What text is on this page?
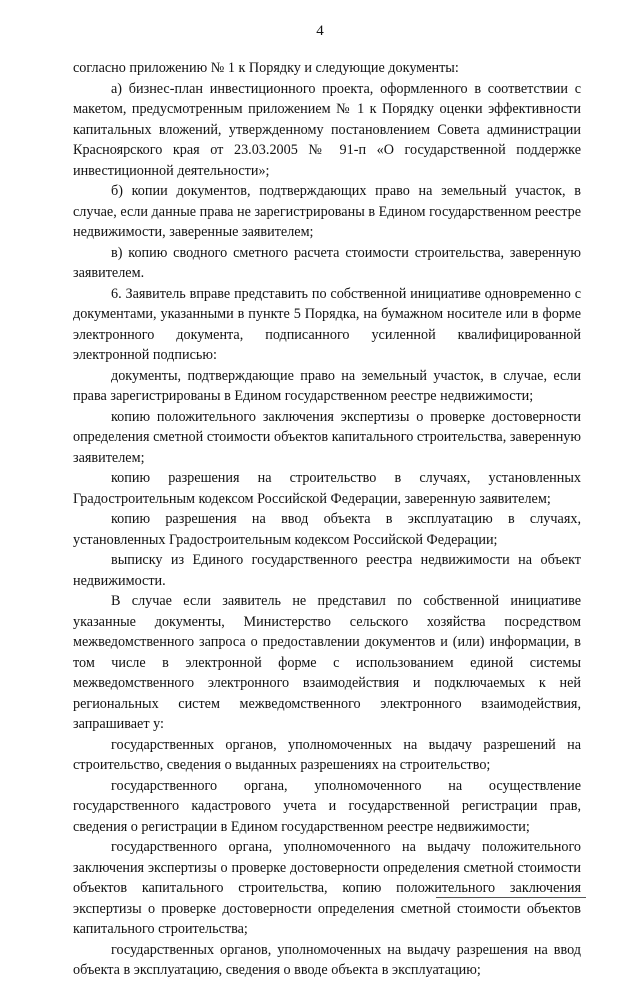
4

согласно приложению № 1 к Порядку и следующие документы:

а) бизнес-план инвестиционного проекта, оформленного в соответствии с макетом, предусмотренным приложением № 1 к Порядку оценки эффективности капитальных вложений, утвержденному постановлением Совета администрации Красноярского края от 23.03.2005 № 91-п «О государственной поддержке инвестиционной деятельности»;

б) копии документов, подтверждающих право на земельный участок, в случае, если данные права не зарегистрированы в Едином государственном реестре недвижимости, заверенные заявителем;

в) копию сводного сметного расчета стоимости строительства, заверенную заявителем.

6. Заявитель вправе представить по собственной инициативе одновременно с документами, указанными в пункте 5 Порядка, на бумажном носителе или в форме электронного документа, подписанного усиленной квалифицированной электронной подписью:

документы, подтверждающие право на земельный участок, в случае, если права зарегистрированы в Едином государственном реестре недвижимости;

копию положительного заключения экспертизы о проверке достоверности определения сметной стоимости объектов капитального строительства, заверенную заявителем;

копию разрешения на строительство в случаях, установленных Градостроительным кодексом Российской Федерации, заверенную заявителем;

копию разрешения на ввод объекта в эксплуатацию в случаях, установленных Градостроительным кодексом Российской Федерации;

выписку из Единого государственного реестра недвижимости на объект недвижимости.

В случае если заявитель не представил по собственной инициативе указанные документы, Министерство сельского хозяйства посредством межведомственного запроса о предоставлении документов и (или) информации, в том числе в электронной форме с использованием единой системы межведомственного электронного взаимодействия и подключаемых к ней региональных систем межведомственного электронного взаимодействия, запрашивает у:

государственных органов, уполномоченных на выдачу разрешений на строительство, сведения о выданных разрешениях на строительство;

государственного органа, уполномоченного на осуществление государственного кадастрового учета и государственной регистрации прав, сведения о регистрации в Едином государственном реестре недвижимости;

государственного органа, уполномоченного на выдачу положительного заключения экспертизы о проверке достоверности определения сметной стоимости объектов капитального строительства, копию положительного заключения экспертизы о проверке достоверности определения сметной стоимости объектов капитального строительства;

государственных органов, уполномоченных на выдачу разрешения на ввод объекта в эксплуатацию, сведения о вводе объекта в эксплуатацию;
